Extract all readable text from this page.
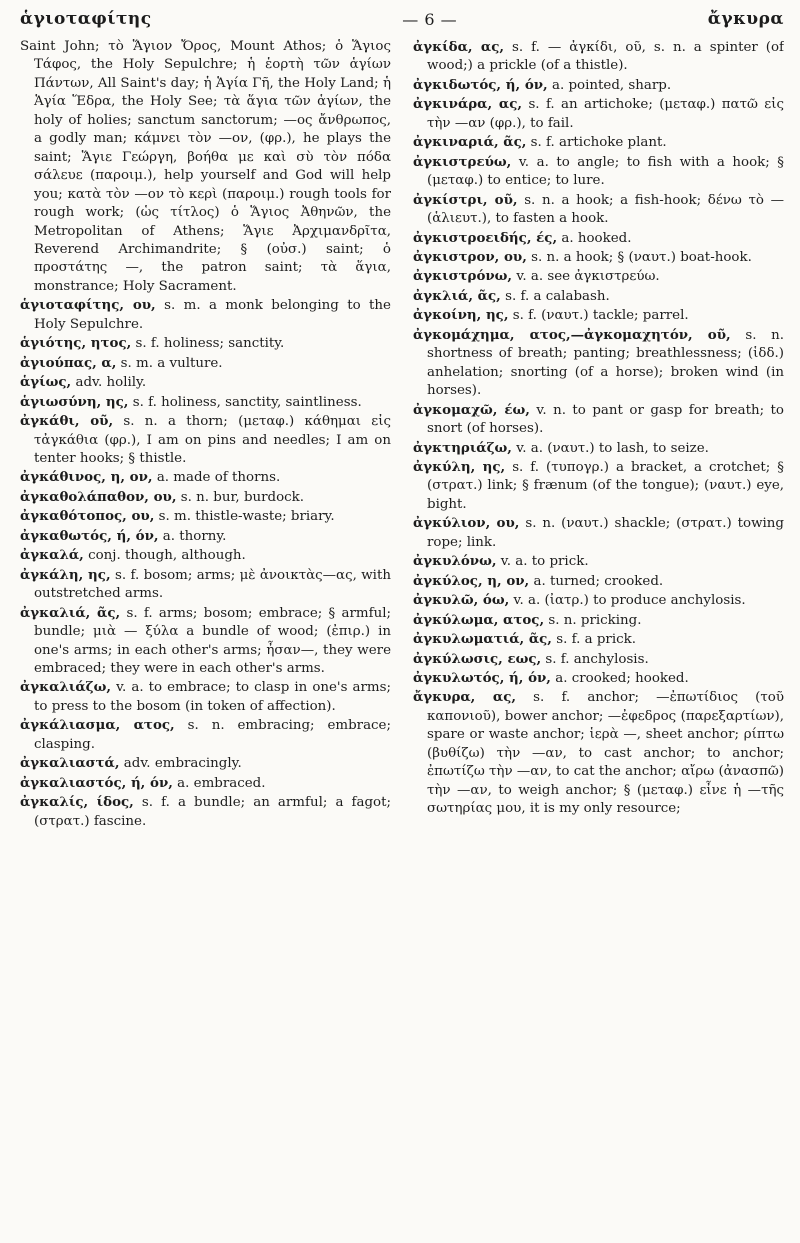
ἁγιοταφίτης	— 6 —	ἄγκυρα

Saint John; τὸ Ἅγιον Ὄρος, Mount Athos; ὁ Ἅγιος Τάφος, the Holy Sepulchre; ἡ ἑορτὴ τῶν ἁγίων Πάντων, All Saint's day; ἡ Ἁγία Γῆ, the Holy Land; ἡ Ἁγία Ἕδρα, the Holy See; τὰ ἅγια τῶν ἁγίων, the holy of holies; sanctum sanctorum; —ος ἄνθρωπος, a godly man; κάμνει τὸν —ον, (φρ.), he plays the saint; Ἅγιε Γεώργη, βοήθα με καὶ σὺ τὸν πόδα σάλευε (παροιμ.), help yourself and God will help you; κατὰ τὸν —ον τὸ κερὶ (παροιμ.) rough tools for rough work; (ὡς τίτλος) ὁ Ἅγιος Ἀθηνῶν, the Metropolitan of Athens; Ἅγιε Ἀρχιμανδρῖτα, Reverend Archimandrite; § (οὐσ.) saint; ὁ προστάτης —, the patron saint; τὰ ἅγια, monstrance; Holy Sacrament.

ἁγιοταφίτης, ου, s. m. a monk belonging to the Holy Sepulchre.

ἁγιότης, ητος, s. f. holiness; sanctity.

ἀγιούπας, α, s. m. a vulture.

ἁγίως, adv. holily.

ἁγιωσύνη, ης, s. f. holiness, sanctity, saintliness.

ἀγκάθι, οῦ, s. n. a thorn; (μεταφ.) κάθημαι εἰς τἀγκάθια (φρ.), I am on pins and needles; I am on tenter hooks; § thistle.

ἀγκάθινος, η, ον, a. made of thorns.

ἀγκαθολάπαθον, ου, s. n. bur, burdock.

ἀγκαθότοπος, ου, s. m. thistle-waste; briary.

ἀγκαθωτός, ή, όν, a. thorny.

ἀγκαλά, conj. though, although.

ἀγκάλη, ης, s. f. bosom; arms; μὲ ἀνοικτὰς—ας, with outstretched arms.

ἀγκαλιά, ᾶς, s. f. arms; bosom; embrace; § armful; bundle; μιὰ — ξύλα a bundle of wood; (ἐπιρ.) in one's arms; in each other's arms; ἦσαν—, they were embraced; they were in each other's arms.

ἀγκαλιάζω, v. a. to embrace; to clasp in one's arms; to press to the bosom (in token of affection).

ἀγκάλιασμα, ατος, s. n. embracing; embrace; clasping.

ἀγκαλιαστά, adv. embracingly.

ἀγκαλιαστός, ή, όν, a. embraced.

ἀγκαλίς, ίδος, s. f. a bundle; an armful; a fagot; (στρατ.) fascine.

ἀγκίδα, ας, s. f. — ἀγκίδι, οῦ, s. n. a spinter (of wood;) a prickle (of a thistle).

ἀγκιδωτός, ή, όν, a. pointed, sharp.

ἀγκινάρα, ας, s. f. an artichoke; (μεταφ.) πατῶ εἰς τὴν —αν (φρ.), to fail.

ἀγκιναριά, ᾶς, s. f. artichoke plant.

ἀγκιστρεύω, v. a. to angle; to fish with a hook; § (μεταφ.) to entice; to lure.

ἀγκίστρι, οῦ, s. n. a hook; a fish-hook; δένω τὸ — (ἁλιευτ.), to fasten a hook.

ἀγκιστροειδής, ές, a. hooked.

ἀγκιστρον, ου, s. n. a hook; § (ναυτ.) boat-hook.

ἀγκιστρόνω, v. a. see ἀγκιστρεύω.

ἀγκλιά, ᾶς, s. f. a calabash.

ἀγκοίνη, ης, s. f. (ναυτ.) tackle; parrel.

ἀγκομάχημα, ατος,—ἀγκομαχητόν, οῦ, s. n. shortness of breath; panting; breathlessness; (ἱδδ.) anhelation; snorting (of a horse); broken wind (in horses).

ἀγκομαχῶ, έω, v. n. to pant or gasp for breath; to snort (of horses).

ἀγκτηριάζω, v. a. (ναυτ.) to lash, to seize.

ἀγκύλη, ης, s. f. (τυπογρ.) a bracket, a crotchet; § (στρατ.) link; § frænum (of the tongue); (ναυτ.) eye, bight.

ἀγκύλιον, ου, s. n. (ναυτ.) shackle; (στρατ.) towing rope; link.

ἀγκυλόνω, v. a. to prick.

ἀγκύλος, η, ον, a. turned; crooked.

ἀγκυλῶ, όω, v. a. (ἰατρ.) to produce anchylosis.

ἀγκύλωμα, ατος, s. n. pricking.

ἀγκυλωματιά, ᾶς, s. f. a prick.

ἀγκύλωσις, εως, s. f. anchylosis.

ἀγκυλωτός, ή, όν, a. crooked; hooked.

ἄγκυρα, ας, s. f. anchor; —ἐπωτίδιος (τοῦ καπονιοῦ), bower anchor; —ἐφεδρος (παρεξαρτίων), spare or waste anchor; ἱερὰ —, sheet anchor; ρίπτω (βυθίζω) τὴν —αν, to cast anchor; to anchor; ἐπωτίζω τὴν —αν, to cat the anchor; αἴρω (ἀνασπῶ) τὴν —αν, to weigh anchor; § (μεταφ.) εἶνε ἡ —τῆς σωτηρίας μου, it is my only resource;
